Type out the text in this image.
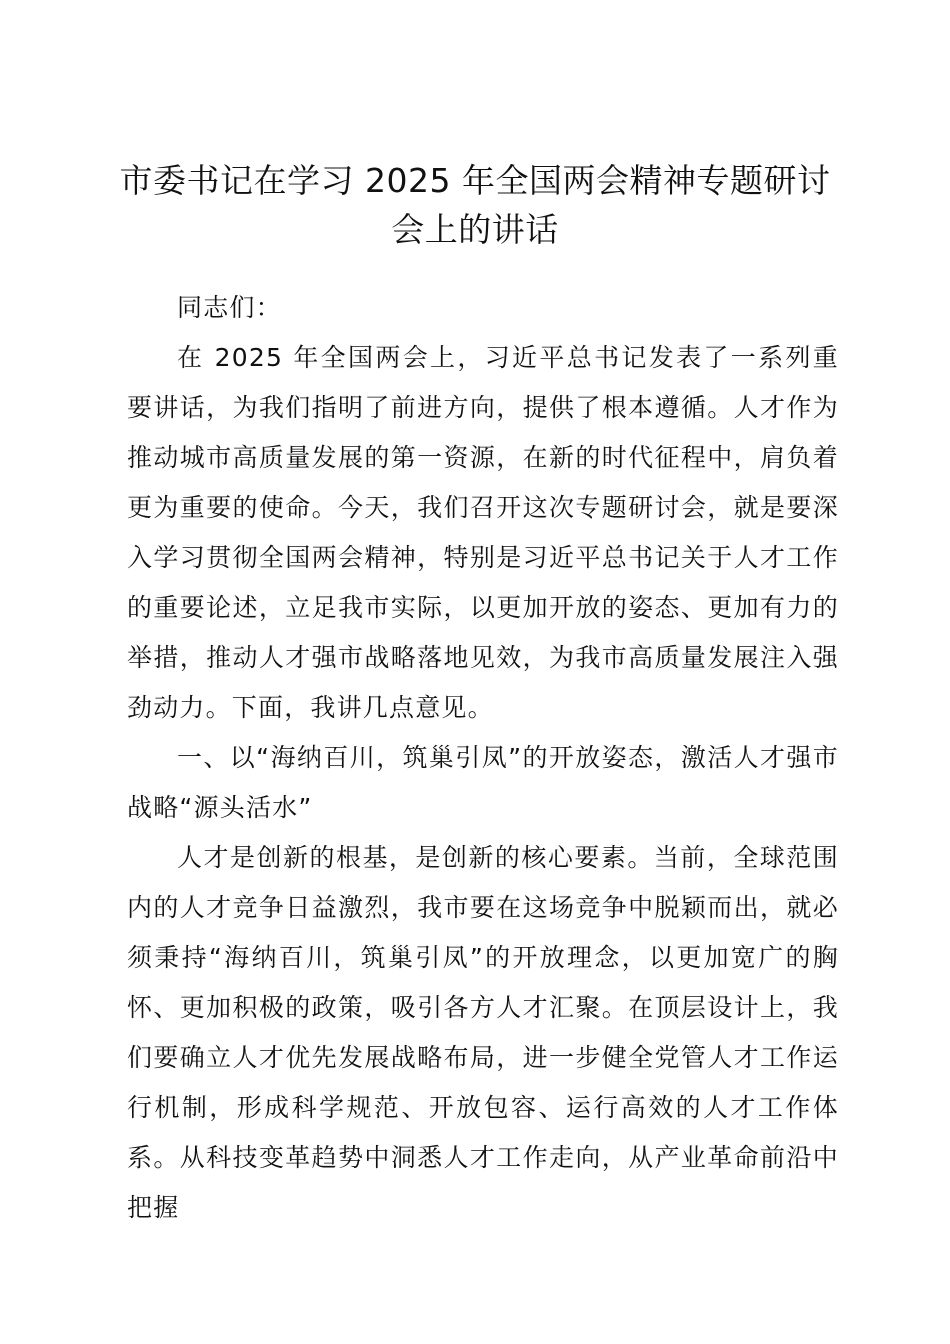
市委书记在学习 2025 年全国两会精神专题研讨会上的讲话

同志们：

在 2025 年全国两会上，习近平总书记发表了一系列重要讲话，为我们指明了前进方向，提供了根本遵循。人才作为推动城市高质量发展的第一资源，在新的时代征程中，肩负着更为重要的使命。今天，我们召开这次专题研讨会，就是要深入学习贯彻全国两会精神，特别是习近平总书记关于人才工作的重要论述，立足我市实际，以更加开放的姿态、更加有力的举措，推动人才强市战略落地见效，为我市高质量发展注入强劲动力。下面，我讲几点意见。

一、以“海纳百川，筑巢引凤”的开放姿态，激活人才强市战略“源头活水”

人才是创新的根基，是创新的核心要素。当前，全球范围内的人才竞争日益激烈，我市要在这场竞争中脱颖而出，就必须秉持“海纳百川，筑巢引凤”的开放理念，以更加宽广的胸怀、更加积极的政策，吸引各方人才汇聚。在顶层设计上，我们要确立人才优先发展战略布局，进一步健全党管人才工作运行机制，形成科学规范、开放包容、运行高效的人才工作体系。从科技变革趋势中洞悉人才工作走向，从产业革命前沿中把握
